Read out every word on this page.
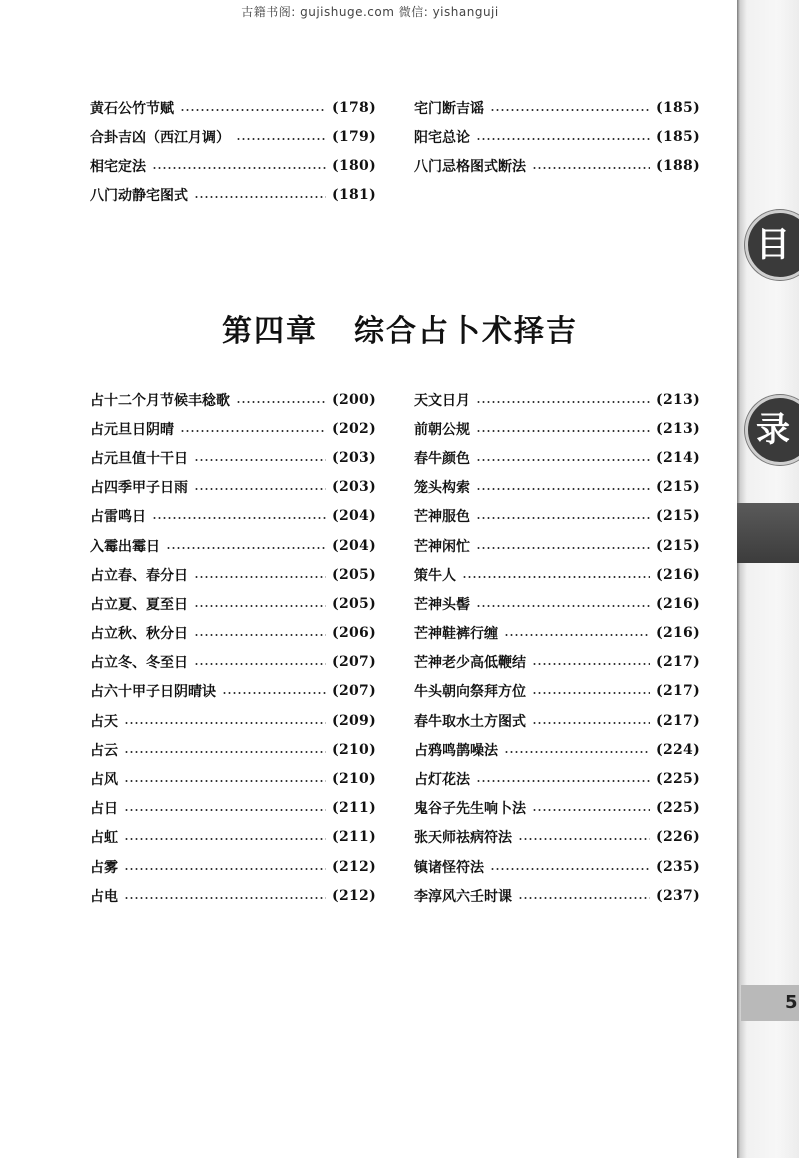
古籍书阁: gujishuge.com 微信: yishanguji
黄石公竹节赋	(178)
合卦吉凶（西江月调）	(179)
相宅定法	(180)
八门动静宅图式	(181)
宅门断吉谣	(185)
阳宅总论	(185)
八门忌格图式断法	(188)
第四章 综合占卜术择吉
占十二个月节候丰稔歌	(200)
占元旦日阴晴	(202)
占元旦值十干日	(203)
占四季甲子日雨	(203)
占雷鸣日	(204)
入霉出霉日	(204)
占立春、春分日	(205)
占立夏、夏至日	(205)
占立秋、秋分日	(206)
占立冬、冬至日	(207)
占六十甲子日阴晴诀	(207)
占天	(209)
占云	(210)
占风	(210)
占日	(211)
占虹	(211)
占雾	(212)
占电	(212)
天文日月	(213)
前朝公规	(213)
春牛颜色	(214)
笼头构索	(215)
芒神服色	(215)
芒神闲忙	(215)
策牛人	(216)
芒神头髻	(216)
芒神鞋裤行缠	(216)
芒神老少高低鞭结	(217)
牛头朝向祭拜方位	(217)
春牛取水土方图式	(217)
占鸦鸣鹊噪法	(224)
占灯花法	(225)
鬼谷子先生响卜法	(225)
张天师祛病符法	(226)
镇诸怪符法	(235)
李淳风六壬时课	(237)
目
录
5
